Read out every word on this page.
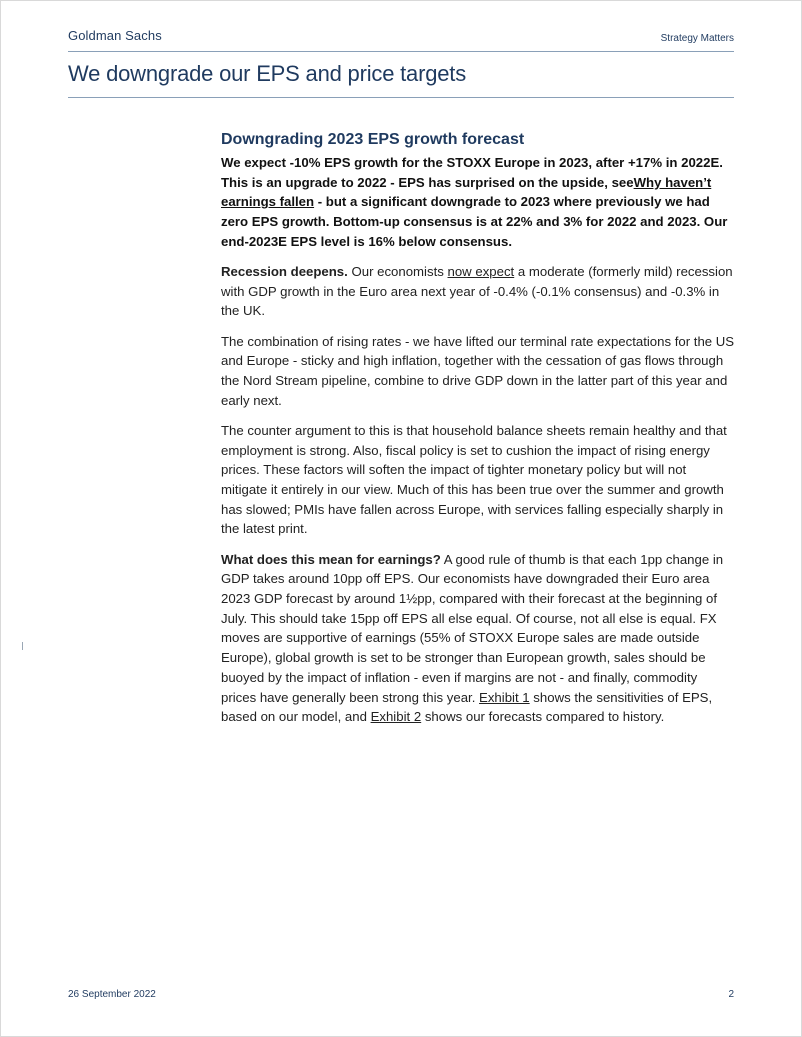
Goldman Sachs	Strategy Matters
We downgrade our EPS and price targets
Downgrading 2023 EPS growth forecast

We expect -10% EPS growth for the STOXX Europe in 2023, after +17% in 2022E. This is an upgrade to 2022 - EPS has surprised on the upside, seeWhy haven’t earnings fallen - but a significant downgrade to 2023 where previously we had zero EPS growth. Bottom-up consensus is at 22% and 3% for 2022 and 2023. Our end-2023E EPS level is 16% below consensus.

Recession deepens. Our economists now expect a moderate (formerly mild) recession with GDP growth in the Euro area next year of -0.4% (-0.1% consensus) and -0.3% in the UK.

The combination of rising rates - we have lifted our terminal rate expectations for the US and Europe - sticky and high inflation, together with the cessation of gas flows through the Nord Stream pipeline, combine to drive GDP down in the latter part of this year and early next.

The counter argument to this is that household balance sheets remain healthy and that employment is strong. Also, fiscal policy is set to cushion the impact of rising energy prices. These factors will soften the impact of tighter monetary policy but will not mitigate it entirely in our view. Much of this has been true over the summer and growth has slowed; PMIs have fallen across Europe, with services falling especially sharply in the latest print.

What does this mean for earnings? A good rule of thumb is that each 1pp change in GDP takes around 10pp off EPS. Our economists have downgraded their Euro area 2023 GDP forecast by around 1½pp, compared with their forecast at the beginning of July. This should take 15pp off EPS all else equal. Of course, not all else is equal. FX moves are supportive of earnings (55% of STOXX Europe sales are made outside Europe), global growth is set to be stronger than European growth, sales should be buoyed by the impact of inflation - even if margins are not - and finally, commodity prices have generally been strong this year. Exhibit 1 shows the sensitivities of EPS, based on our model, and Exhibit 2 shows our forecasts compared to history.

26 September 2022	2
